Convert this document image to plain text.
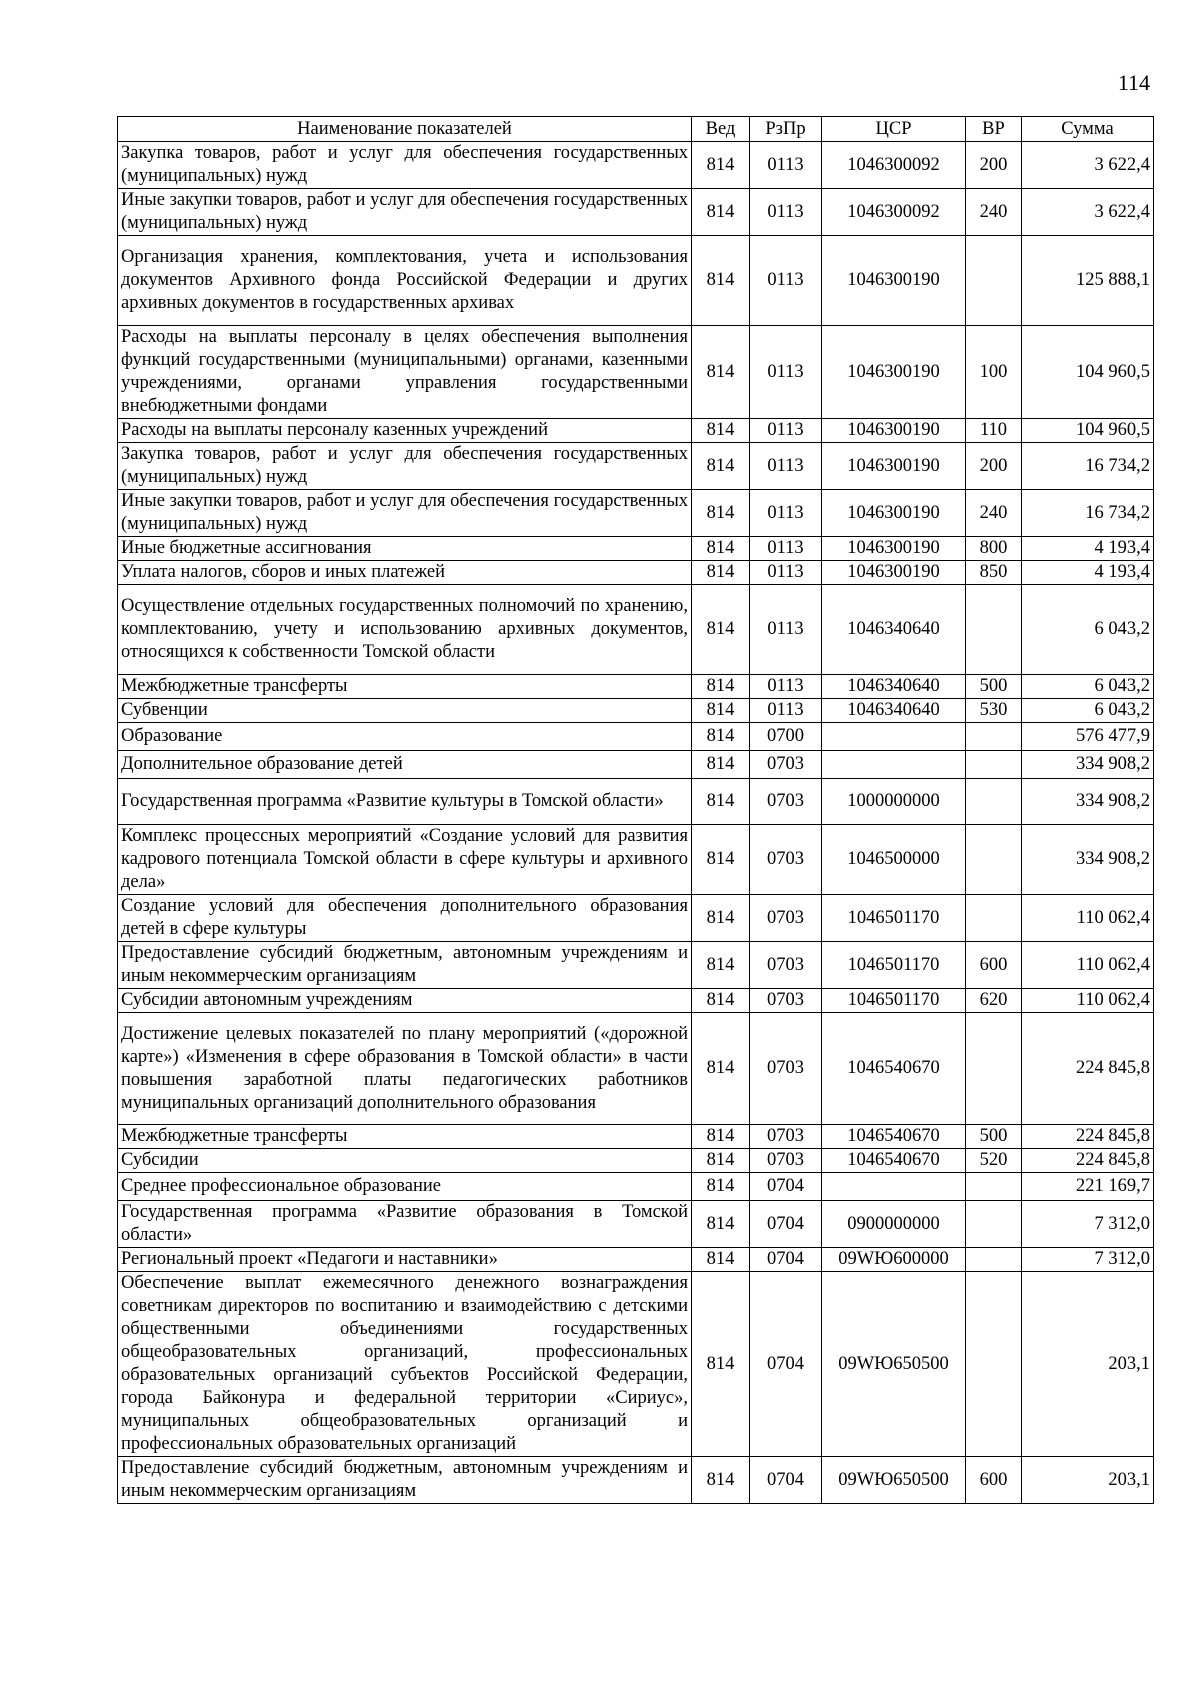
114
Наименование показателей	Вед	РзПр	ЦСР	ВР	Сумма
Закупка товаров, работ и услуг для обеспечения государственных (муниципальных) нужд	814	0113	1046300092	200	3 622,4
Иные закупки товаров, работ и услуг для обеспечения государственных (муниципальных) нужд	814	0113	1046300092	240	3 622,4
Организация хранения, комплектования, учета и использования документов Архивного фонда Российской Федерации и других архивных документов в государственных архивах	814	0113	1046300190		125 888,1
Расходы на выплаты персоналу в целях обеспечения выполнения функций государственными (муниципальными) органами, казенными учреждениями, органами управления государственными внебюджетными фондами	814	0113	1046300190	100	104 960,5
Расходы на выплаты персоналу казенных учреждений	814	0113	1046300190	110	104 960,5
Закупка товаров, работ и услуг для обеспечения государственных (муниципальных) нужд	814	0113	1046300190	200	16 734,2
Иные закупки товаров, работ и услуг для обеспечения государственных (муниципальных) нужд	814	0113	1046300190	240	16 734,2
Иные бюджетные ассигнования	814	0113	1046300190	800	4 193,4
Уплата налогов, сборов и иных платежей	814	0113	1046300190	850	4 193,4
Осуществление отдельных государственных полномочий по хранению, комплектованию, учету и использованию архивных документов, относящихся к собственности Томской области	814	0113	1046340640		6 043,2
Межбюджетные трансферты	814	0113	1046340640	500	6 043,2
Субвенции	814	0113	1046340640	530	6 043,2
Образование	814	0700			576 477,9
Дополнительное образование детей	814	0703			334 908,2
Государственная программа «Развитие культуры в Томской области»	814	0703	1000000000		334 908,2
Комплекс процессных мероприятий «Создание условий для развития кадрового потенциала Томской области в сфере культуры и архивного дела»	814	0703	1046500000		334 908,2
Создание условий для обеспечения дополнительного образования детей в сфере культуры	814	0703	1046501170		110 062,4
Предоставление субсидий бюджетным, автономным учреждениям и иным некоммерческим организациям	814	0703	1046501170	600	110 062,4
Субсидии автономным учреждениям	814	0703	1046501170	620	110 062,4
Достижение целевых показателей по плану мероприятий («дорожной карте») «Изменения в сфере образования в Томской области» в части повышения заработной платы педагогических работников муниципальных организаций дополнительного образования	814	0703	1046540670		224 845,8
Межбюджетные трансферты	814	0703	1046540670	500	224 845,8
Субсидии	814	0703	1046540670	520	224 845,8
Среднее профессиональное образование	814	0704			221 169,7
Государственная программа «Развитие образования в Томской области»	814	0704	0900000000		7 312,0
Региональный проект «Педагоги и наставники»	814	0704	09WЮ600000		7 312,0
Обеспечение выплат ежемесячного денежного вознаграждения советникам директоров по воспитанию и взаимодействию с детскими общественными объединениями государственных общеобразовательных организаций, профессиональных образовательных организаций субъектов Российской Федерации, города Байконура и федеральной территории «Сириус», муниципальных общеобразовательных организаций и профессиональных образовательных организаций	814	0704	09WЮ650500		203,1
Предоставление субсидий бюджетным, автономным учреждениям и иным некоммерческим организациям	814	0704	09WЮ650500	600	203,1
